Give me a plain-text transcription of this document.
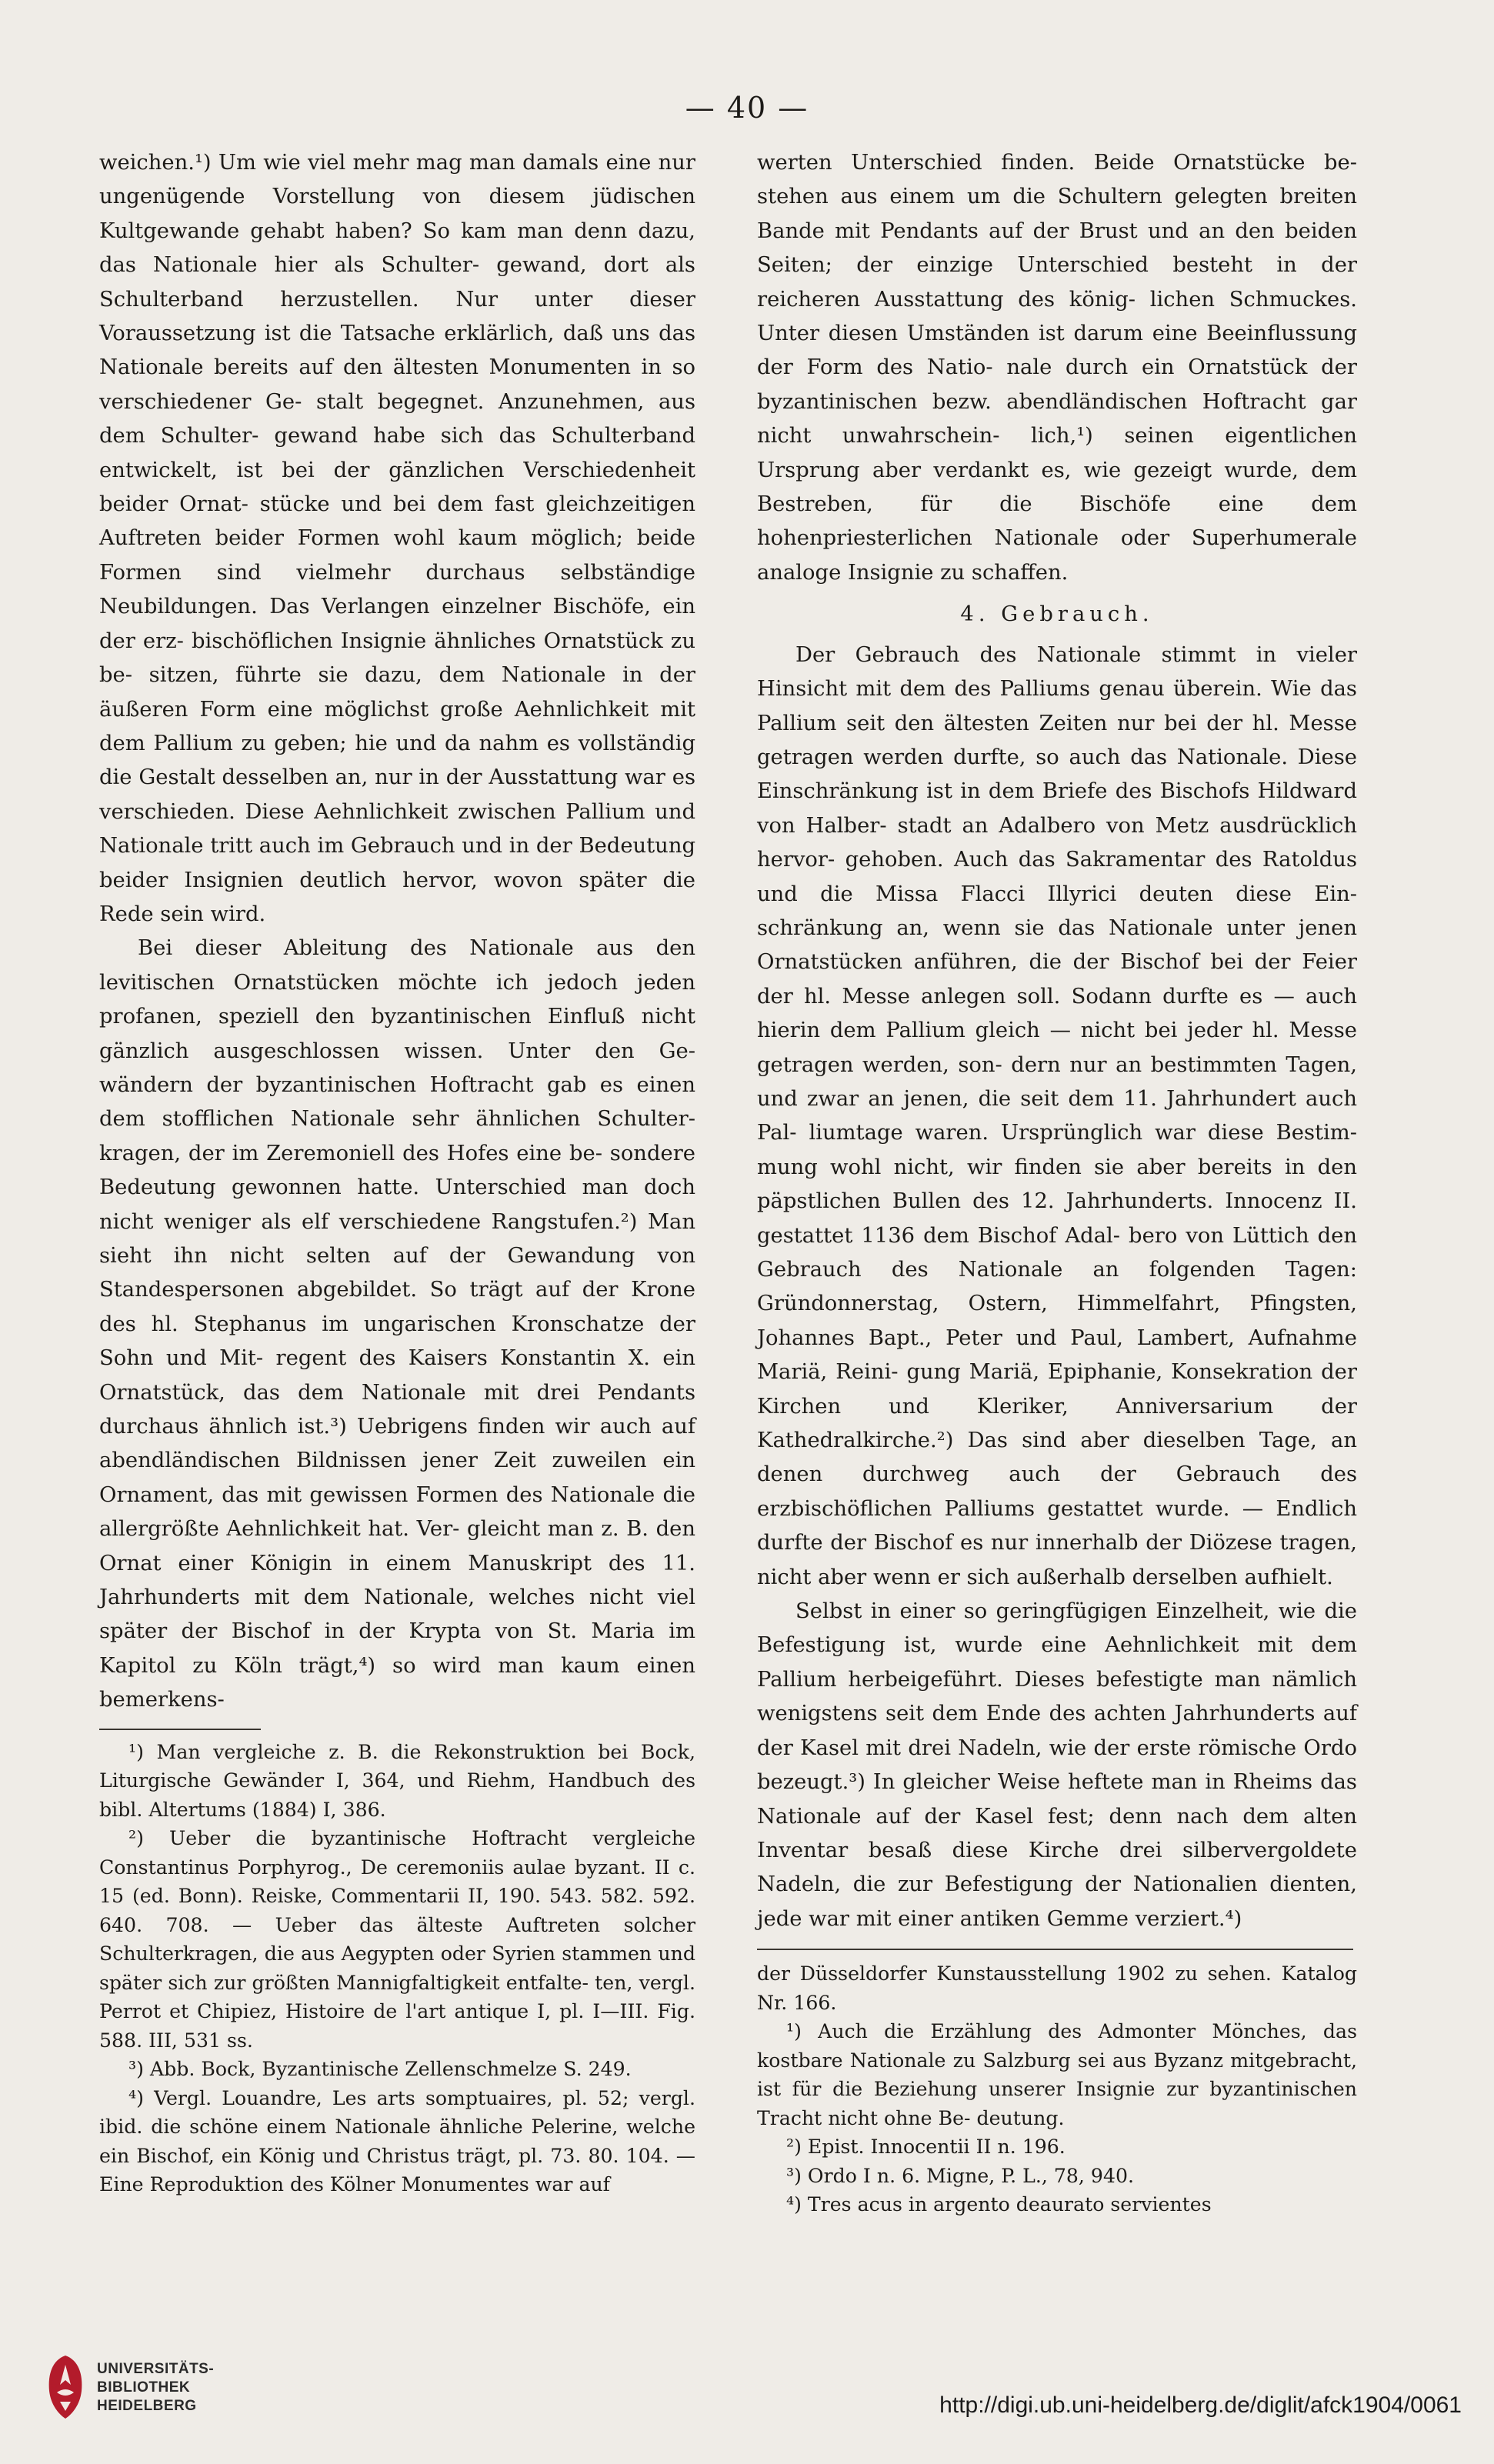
— 40 —

weichen.¹) Um wie viel mehr mag man damals eine nur ungenügende Vorstellung von diesem jüdischen Kultgewande gehabt haben? So kam man denn dazu, das Nationale hier als Schulter- gewand, dort als Schulterband herzustellen. Nur unter dieser Voraussetzung ist die Tatsache erklärlich, daß uns das Nationale bereits auf den ältesten Monumenten in so verschiedener Ge- stalt begegnet. Anzunehmen, aus dem Schulter- gewand habe sich das Schulterband entwickelt, ist bei der gänzlichen Verschiedenheit beider Ornat- stücke und bei dem fast gleichzeitigen Auftreten beider Formen wohl kaum möglich; beide Formen sind vielmehr durchaus selbständige Neubildungen. Das Verlangen einzelner Bischöfe, ein der erz- bischöflichen Insignie ähnliches Ornatstück zu be- sitzen, führte sie dazu, dem Nationale in der äußeren Form eine möglichst große Aehnlichkeit mit dem Pallium zu geben; hie und da nahm es vollständig die Gestalt desselben an, nur in der Ausstattung war es verschieden. Diese Aehnlichkeit zwischen Pallium und Nationale tritt auch im Gebrauch und in der Bedeutung beider Insignien deutlich hervor, wovon später die Rede sein wird.

Bei dieser Ableitung des Nationale aus den levitischen Ornatstücken möchte ich jedoch jeden profanen, speziell den byzantinischen Einfluß nicht gänzlich ausgeschlossen wissen. Unter den Ge- wändern der byzantinischen Hoftracht gab es einen dem stofflichen Nationale sehr ähnlichen Schulter- kragen, der im Zeremoniell des Hofes eine be- sondere Bedeutung gewonnen hatte. Unterschied man doch nicht weniger als elf verschiedene Rangstufen.²) Man sieht ihn nicht selten auf der Gewandung von Standespersonen abgebildet. So trägt auf der Krone des hl. Stephanus im ungarischen Kronschatze der Sohn und Mit- regent des Kaisers Konstantin X. ein Ornatstück, das dem Nationale mit drei Pendants durchaus ähnlich ist.³) Uebrigens finden wir auch auf abendländischen Bildnissen jener Zeit zuweilen ein Ornament, das mit gewissen Formen des Nationale die allergrößte Aehnlichkeit hat. Ver- gleicht man z. B. den Ornat einer Königin in einem Manuskript des 11. Jahrhunderts mit dem Nationale, welches nicht viel später der Bischof in der Krypta von St. Maria im Kapitol zu Köln trägt,⁴) so wird man kaum einen bemerkens-

¹) Man vergleiche z. B. die Rekonstruktion bei Bock, Liturgische Gewänder I, 364, und Riehm, Handbuch des bibl. Altertums (1884) I, 386.

²) Ueber die byzantinische Hoftracht vergleiche Constantinus Porphyrog., De ceremoniis aulae byzant. II c. 15 (ed. Bonn). Reiske, Commentarii II, 190. 543. 582. 592. 640. 708. — Ueber das älteste Auftreten solcher Schulterkragen, die aus Aegypten oder Syrien stammen und später sich zur größten Mannigfaltigkeit entfalte- ten, vergl. Perrot et Chipiez, Histoire de l'art antique I, pl. I—III. Fig. 588. III, 531 ss.

³) Abb. Bock, Byzantinische Zellenschmelze S. 249.

⁴) Vergl. Louandre, Les arts somptuaires, pl. 52; vergl. ibid. die schöne einem Nationale ähnliche Pelerine, welche ein Bischof, ein König und Christus trägt, pl. 73. 80. 104. — Eine Reproduktion des Kölner Monumentes war auf

werten Unterschied finden. Beide Ornatstücke be- stehen aus einem um die Schultern gelegten breiten Bande mit Pendants auf der Brust und an den beiden Seiten; der einzige Unterschied besteht in der reicheren Ausstattung des könig- lichen Schmuckes. Unter diesen Umständen ist darum eine Beeinflussung der Form des Natio- nale durch ein Ornatstück der byzantinischen bezw. abendländischen Hoftracht gar nicht unwahrschein- lich,¹) seinen eigentlichen Ursprung aber verdankt es, wie gezeigt wurde, dem Bestreben, für die Bischöfe eine dem hohenpriesterlichen Nationale oder Superhumerale analoge Insignie zu schaffen.

4. Gebrauch.

Der Gebrauch des Nationale stimmt in vieler Hinsicht mit dem des Palliums genau überein. Wie das Pallium seit den ältesten Zeiten nur bei der hl. Messe getragen werden durfte, so auch das Nationale. Diese Einschränkung ist in dem Briefe des Bischofs Hildward von Halber- stadt an Adalbero von Metz ausdrücklich hervor- gehoben. Auch das Sakramentar des Ratoldus und die Missa Flacci Illyrici deuten diese Ein- schränkung an, wenn sie das Nationale unter jenen Ornatstücken anführen, die der Bischof bei der Feier der hl. Messe anlegen soll. Sodann durfte es — auch hierin dem Pallium gleich — nicht bei jeder hl. Messe getragen werden, son- dern nur an bestimmten Tagen, und zwar an jenen, die seit dem 11. Jahrhundert auch Pal- liumtage waren. Ursprünglich war diese Bestim- mung wohl nicht, wir finden sie aber bereits in den päpstlichen Bullen des 12. Jahrhunderts. Innocenz II. gestattet 1136 dem Bischof Adal- bero von Lüttich den Gebrauch des Nationale an folgenden Tagen: Gründonnerstag, Ostern, Himmelfahrt, Pfingsten, Johannes Bapt., Peter und Paul, Lambert, Aufnahme Mariä, Reini- gung Mariä, Epiphanie, Konsekration der Kirchen und Kleriker, Anniversarium der Kathedralkirche.²) Das sind aber dieselben Tage, an denen durchweg auch der Gebrauch des erzbischöflichen Palliums gestattet wurde. — Endlich durfte der Bischof es nur innerhalb der Diözese tragen, nicht aber wenn er sich außerhalb derselben aufhielt.

Selbst in einer so geringfügigen Einzelheit, wie die Befestigung ist, wurde eine Aehnlichkeit mit dem Pallium herbeigeführt. Dieses befestigte man nämlich wenigstens seit dem Ende des achten Jahrhunderts auf der Kasel mit drei Nadeln, wie der erste römische Ordo bezeugt.³) In gleicher Weise heftete man in Rheims das Nationale auf der Kasel fest; denn nach dem alten Inventar besaß diese Kirche drei silbervergoldete Nadeln, die zur Befestigung der Nationalien dienten, jede war mit einer antiken Gemme verziert.⁴)

der Düsseldorfer Kunstausstellung 1902 zu sehen. Katalog Nr. 166.

¹) Auch die Erzählung des Admonter Mönches, das kostbare Nationale zu Salzburg sei aus Byzanz mitgebracht, ist für die Beziehung unserer Insignie zur byzantinischen Tracht nicht ohne Be- deutung.

²) Epist. Innocentii II n. 196.

³) Ordo I n. 6. Migne, P. L., 78, 940.

⁴) Tres acus in argento deaurato servientes

UNIVERSITÄTS-
BIBLIOTHEK
HEIDELBERG	http://digi.ub.uni-heidelberg.de/diglit/afck1904/0061
